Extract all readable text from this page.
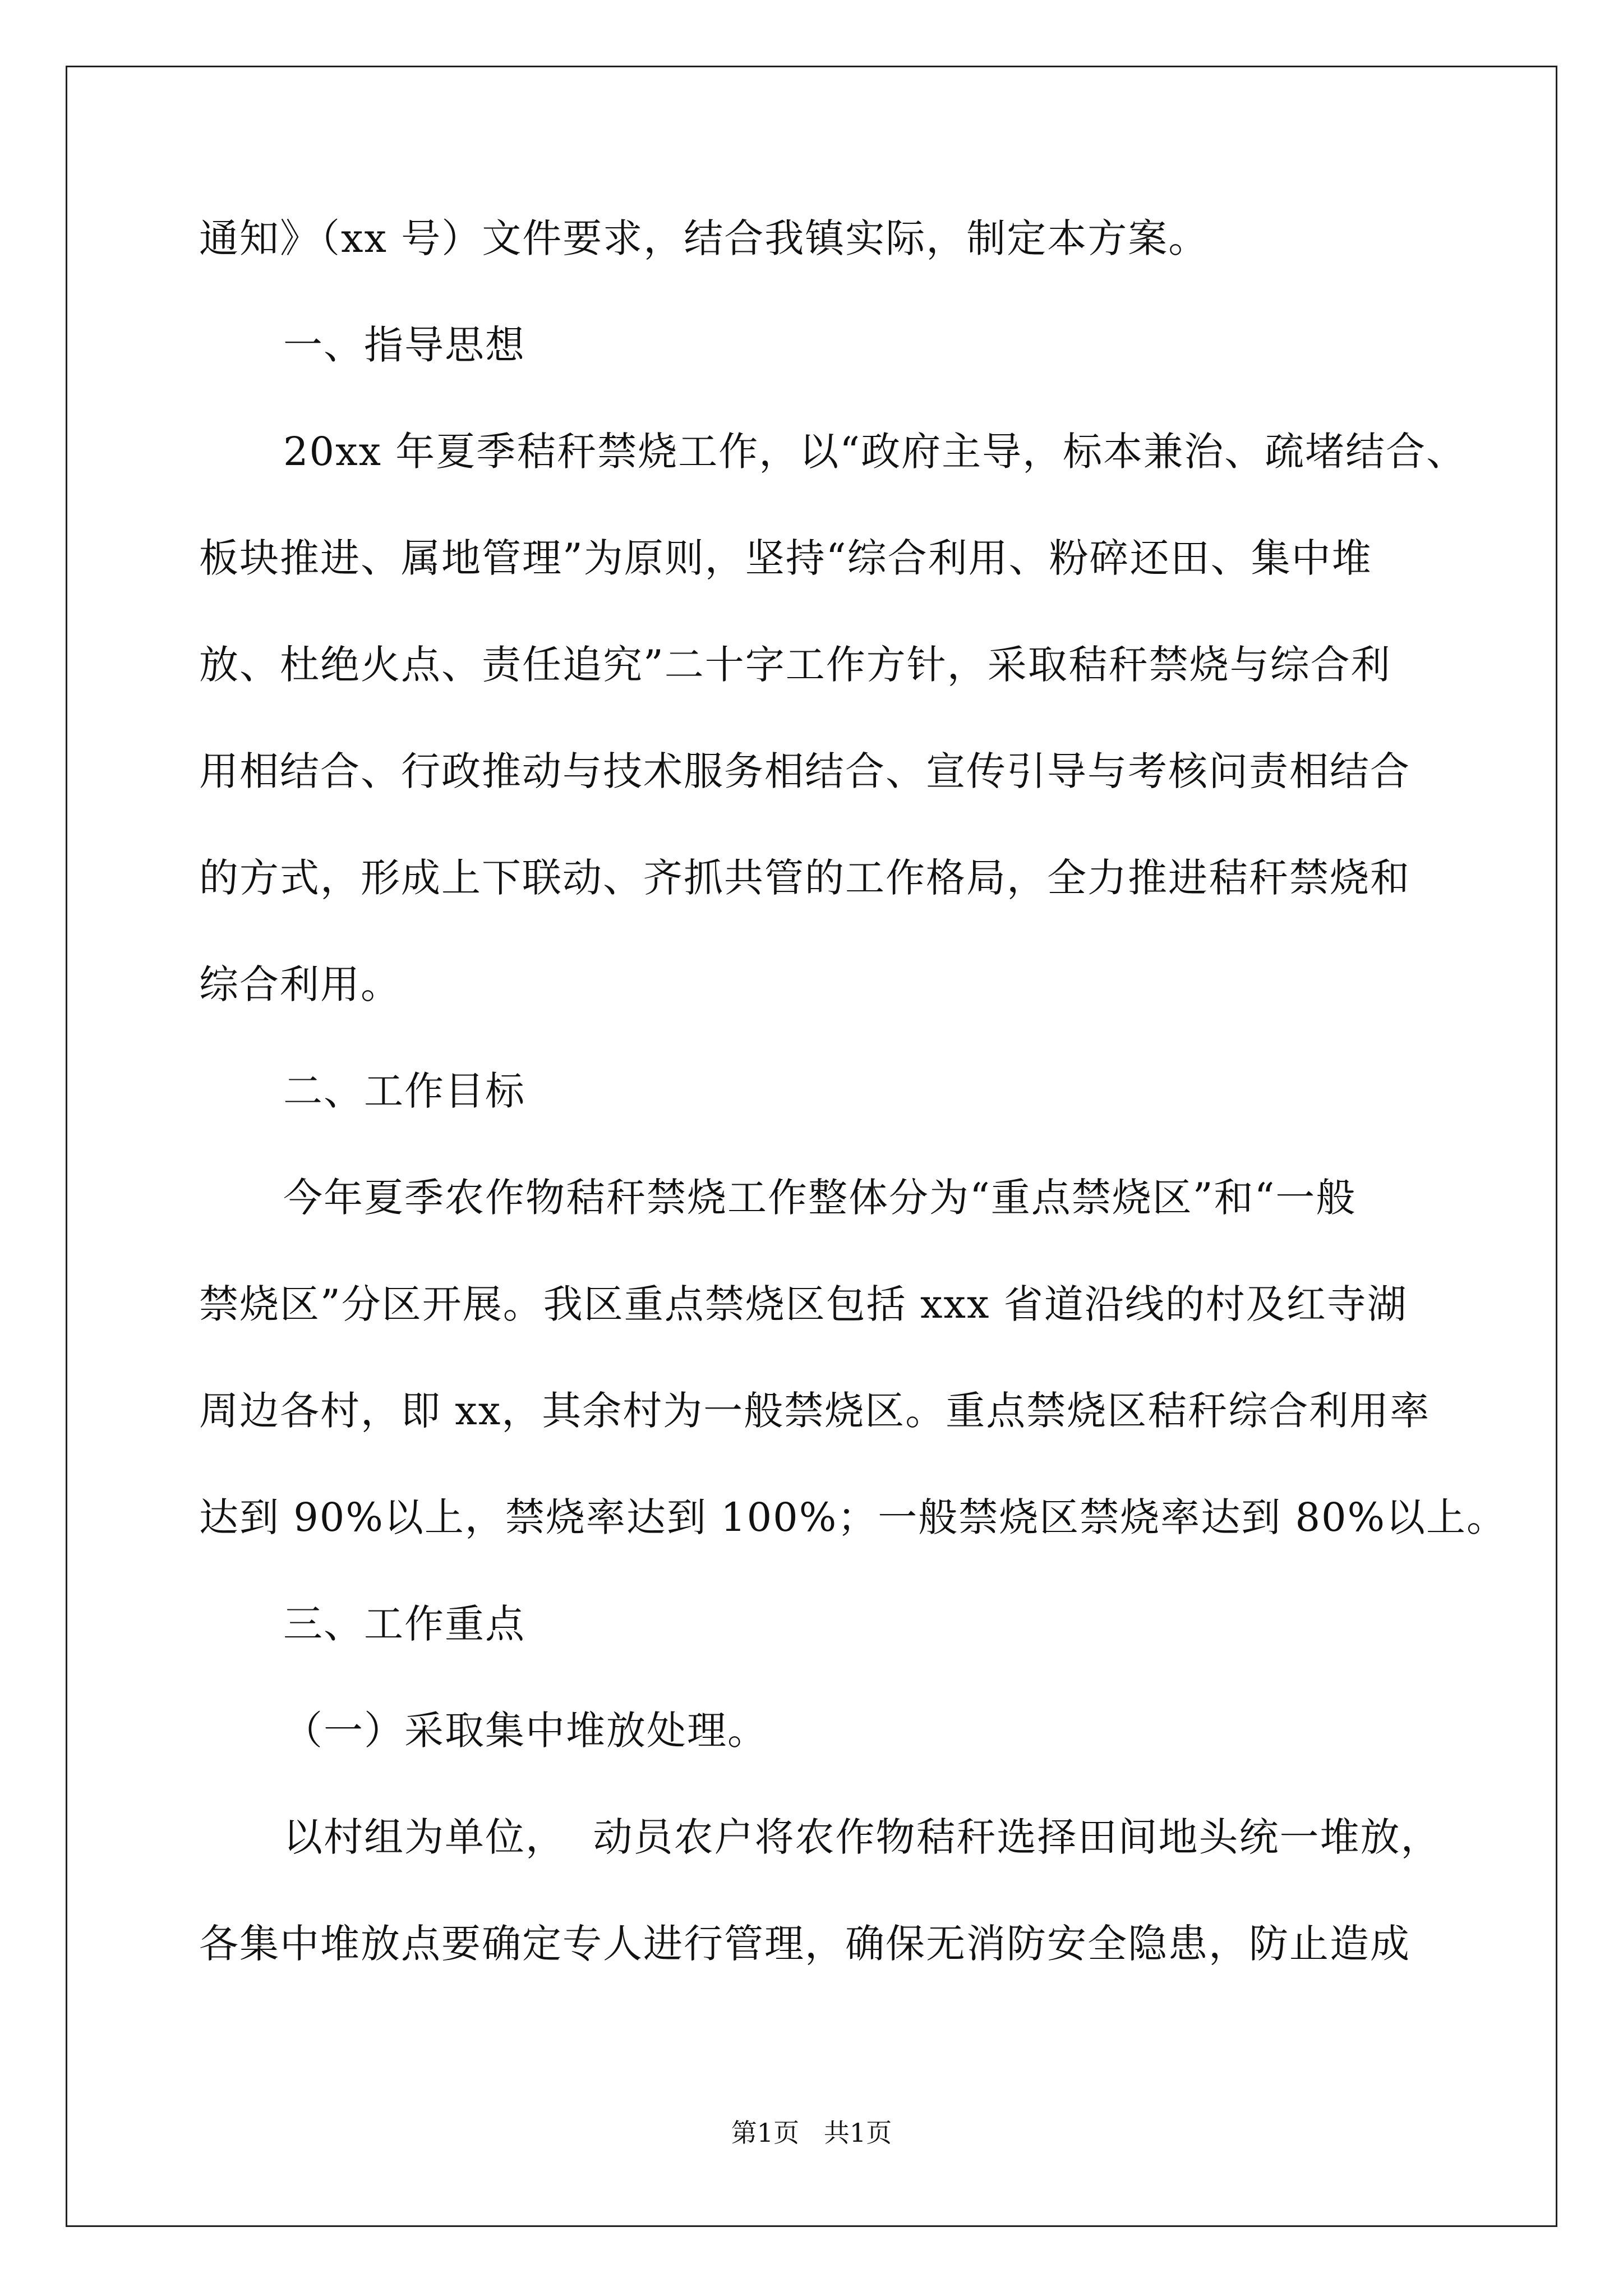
通知》（xx 号）文件要求，结合我镇实际，制定本方案。
一、指导思想
20xx 年夏季秸秆禁烧工作，以“政府主导，标本兼治、疏堵结合、
板块推进、属地管理”为原则，坚持“综合利用、粉碎还田、集中堆
放、杜绝火点、责任追究”二十字工作方针，采取秸秆禁烧与综合利
用相结合、行政推动与技术服务相结合、宣传引导与考核问责相结合
的方式，形成上下联动、齐抓共管的工作格局，全力推进秸秆禁烧和
综合利用。
二、工作目标
今年夏季农作物秸秆禁烧工作整体分为“重点禁烧区”和“一般
禁烧区”分区开展。我区重点禁烧区包括 xxx 省道沿线的村及红寺湖
周边各村，即 xx，其余村为一般禁烧区。重点禁烧区秸秆综合利用率
达到 90%以上，禁烧率达到 100%；一般禁烧区禁烧率达到 80%以上。
三、工作重点
（一）采取集中堆放处理。
以村组为单位，  动员农户将农作物秸秆选择田间地头统一堆放，
各集中堆放点要确定专人进行管理，确保无消防安全隐患，防止造成
第1页   共1页
